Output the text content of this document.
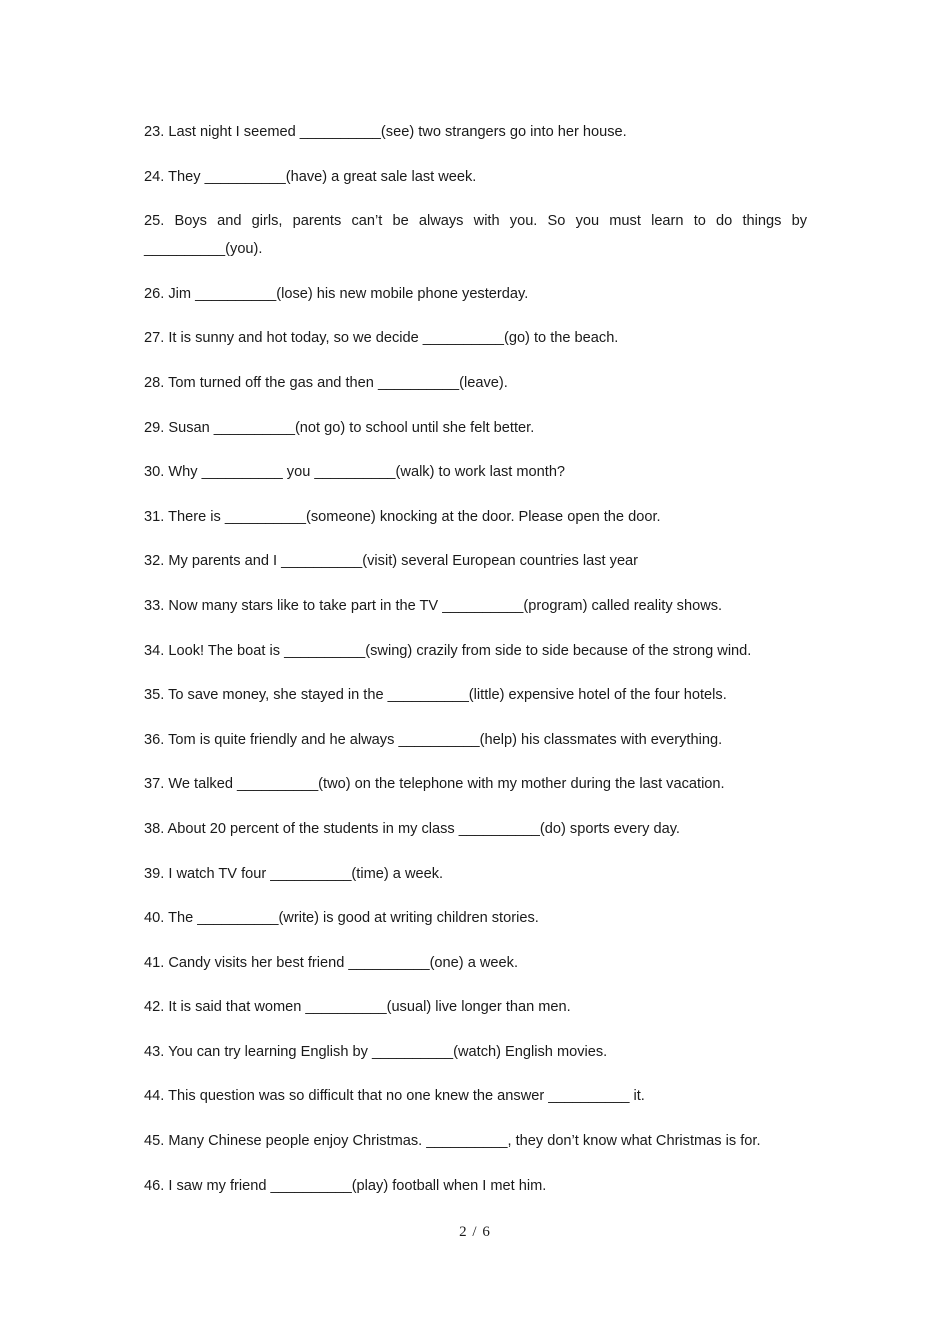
23. Last night I seemed __________(see) two strangers go into her house.
24. They __________(have) a great sale last week.
25. Boys and girls, parents can’t be always with you. So you must learn to do things by __________(you).
26. Jim __________(lose) his new mobile phone yesterday.
27. It is sunny and hot today, so we decide __________(go) to the beach.
28. Tom turned off the gas and then __________(leave).
29. Susan __________(not go) to school until she felt better.
30. Why __________ you __________(walk) to work last month?
31. There is __________(someone) knocking at the door. Please open the door.
32. My parents and I __________(visit) several European countries last year
33. Now many stars like to take part in the TV __________(program) called reality shows.
34. Look! The boat is __________(swing) crazily from side to side because of the strong wind.
35. To save money, she stayed in the __________(little) expensive hotel of the four hotels.
36. Tom is quite friendly and he always __________(help) his classmates with everything.
37. We talked __________(two) on the telephone with my mother during the last vacation.
38. About 20 percent of the students in my class __________(do) sports every day.
39. I watch TV four __________(time) a week.
40. The __________(write) is good at writing children stories.
41. Candy visits her best friend __________(one) a week.
42. It is said that women __________(usual) live longer than men.
43. You can try learning English by __________(watch) English movies.
44. This question was so difficult that no one knew the answer __________ it.
45. Many Chinese people enjoy Christmas. __________, they don’t know what Christmas is for.
46. I saw my friend __________(play) football when I met him.
2 / 6
